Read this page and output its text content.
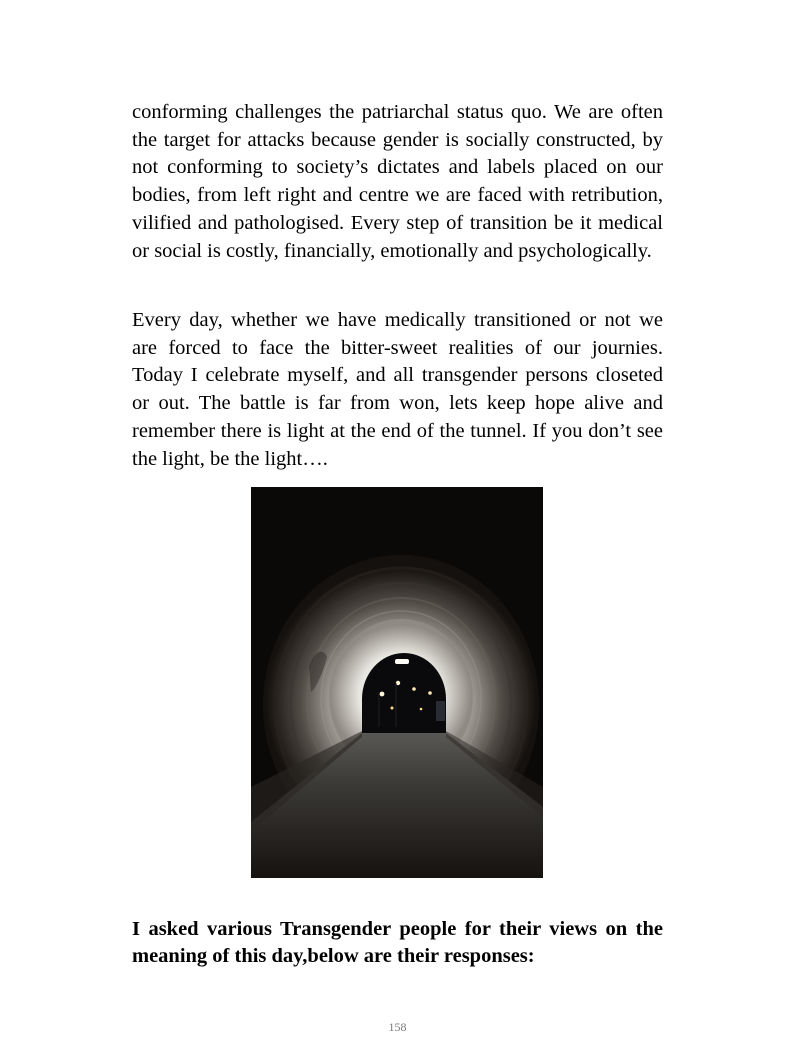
conforming challenges the patriarchal status quo. We are often the target for attacks because gender is socially constructed, by not conforming to society’s dictates and labels placed on our bodies, from left right and centre we are faced with retribution, vilified and pathologised. Every step of transition be it medical or social is costly, financially, emotionally and psychologically.

Every day, whether we have medically transitioned or not we are forced to face the bitter-sweet realities of our journies. Today I celebrate myself, and all transgender persons closeted or out. The battle is far from won, lets keep hope alive and remember there is light at the end of the tunnel. If you don’t see the light, be the light….

I asked various Transgender people for their views on the meaning of this day,below are their responses:

158
